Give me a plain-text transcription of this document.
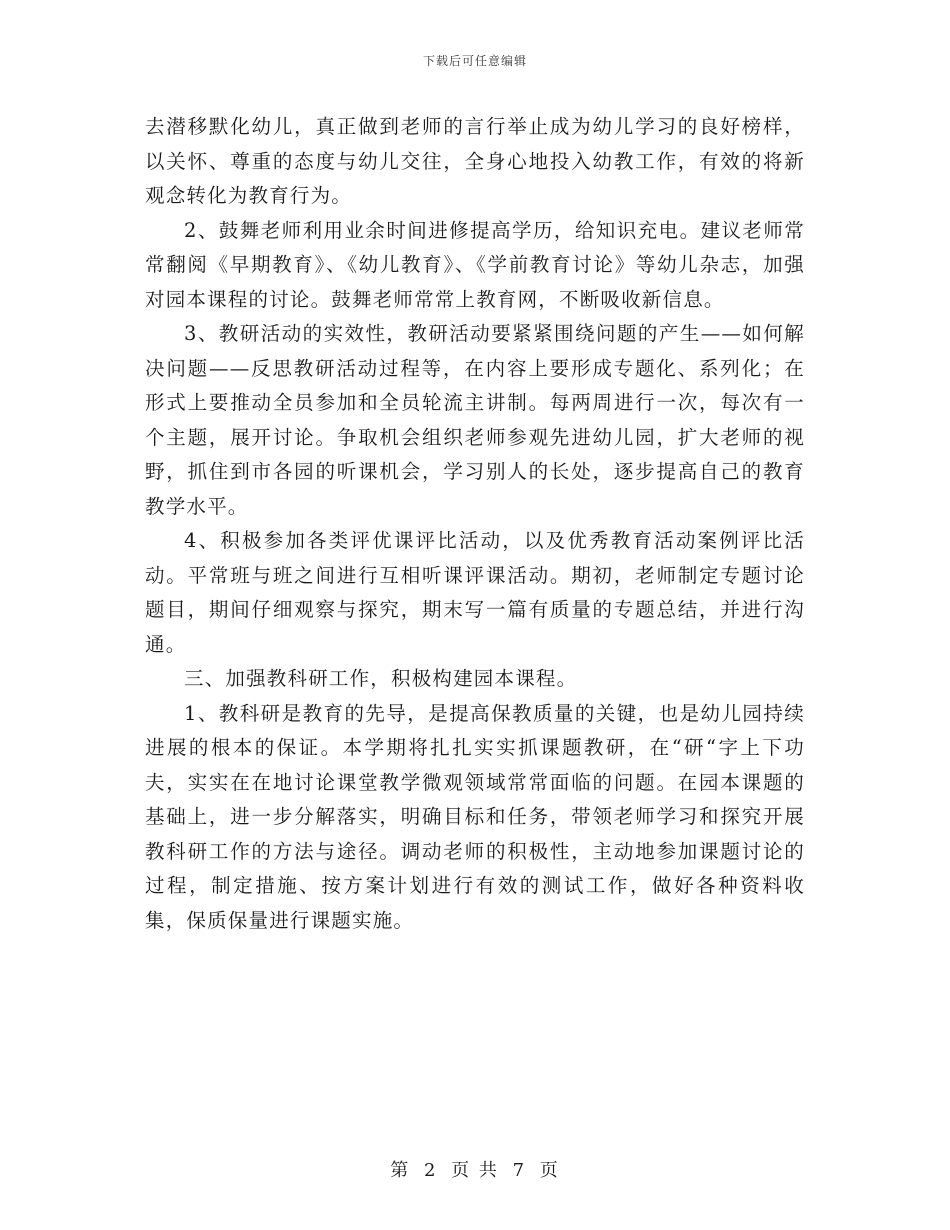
下载后可任意编辑

去潜移默化幼儿，真正做到老师的言行举止成为幼儿学习的良好榜样，以关怀、尊重的态度与幼儿交往，全身心地投入幼教工作，有效的将新观念转化为教育行为。

2、鼓舞老师利用业余时间进修提高学历，给知识充电。建议老师常常翻阅《早期教育》、《幼儿教育》、《学前教育讨论》等幼儿杂志，加强对园本课程的讨论。鼓舞老师常常上教育网，不断吸收新信息。

3、教研活动的实效性，教研活动要紧紧围绕问题的产生——如何解决问题——反思教研活动过程等，在内容上要形成专题化、系列化；在形式上要推动全员参加和全员轮流主讲制。每两周进行一次，每次有一个主题，展开讨论。争取机会组织老师参观先进幼儿园，扩大老师的视野，抓住到市各园的听课机会，学习别人的长处，逐步提高自己的教育教学水平。

4、积极参加各类评优课评比活动，以及优秀教育活动案例评比活动。平常班与班之间进行互相听课评课活动。期初，老师制定专题讨论题目，期间仔细观察与探究，期末写一篇有质量的专题总结，并进行沟通。

三、加强教科研工作，积极构建园本课程。

1、教科研是教育的先导，是提高保教质量的关键，也是幼儿园持续进展的根本的保证。本学期将扎扎实实抓课题教研，在“研“字上下功夫，实实在在地讨论课堂教学微观领域常常面临的问题。在园本课题的基础上，进一步分解落实，明确目标和任务，带领老师学习和探究开展教科研工作的方法与途径。调动老师的积极性，主动地参加课题讨论的过程，制定措施、按方案计划进行有效的测试工作，做好各种资料收集，保质保量进行课题实施。

第 2 页 共 7 页
